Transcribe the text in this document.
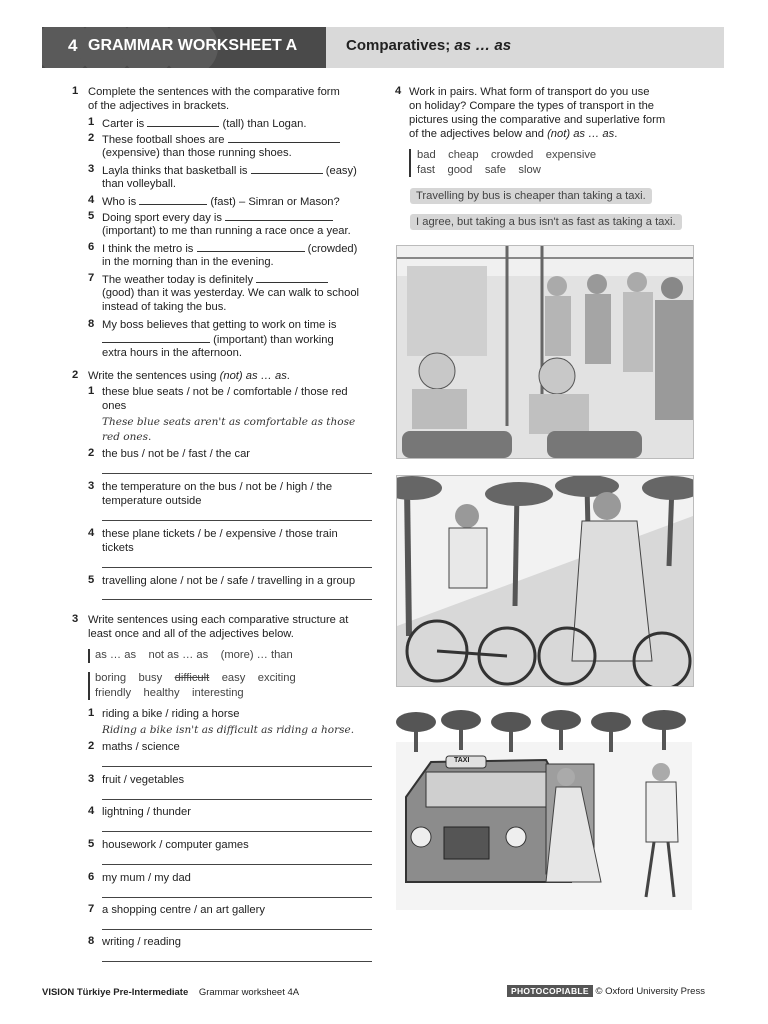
4 GRAMMAR WORKSHEET A	Comparatives; as … as
1 Complete the sentences with the comparative form
of the adjectives in brackets.
1 Carter is	(tall) than Logan.
2 These football shoes are
(expensive) than those running shoes.
3 Layla thinks that basketball is	(easy)
than volleyball.
4 Who is	(fast) – Simran or Mason?
5 Doing sport every day is
(important) to me than running a race once a year.
6 I think the metro is	(crowded)
in the morning than in the evening.
7 The weather today is definitely
(good) than it was yesterday. We can walk to school
instead of taking the bus.
8 My boss believes that getting to work on time is
(important) than working
extra hours in the afternoon.
2 Write the sentences using (not) as … as.
1 these blue seats / not be / comfortable / those red
ones
These blue seats aren't as comfortable as those
red ones.
2 the bus / not be / fast / the car
3 the temperature on the bus / not be / high / the
temperature outside
4 these plane tickets / be / expensive / those train
tickets
5 travelling alone / not be / safe / travelling in a group
3 Write sentences using each comparative structure at
least once and all of the adjectives below.
as … as not as … as (more) … than
boring busy difficult easy exciting
friendly healthy interesting
1 riding a bike / riding a horse
Riding a bike isn't as difficult as riding a horse.
2 maths / science
3 fruit / vegetables
4 lightning / thunder
5 housework / computer games
6 my mum / my dad
7 a shopping centre / an art gallery
8 writing / reading
4 Work in pairs. What form of transport do you use
on holiday? Compare the types of transport in the
pictures using the comparative and superlative form
of the adjectives below and (not) as … as.
bad cheap crowded expensive
fast good safe slow
Travelling by bus is cheaper than taking a taxi.
I agree, but taking a bus isn't as fast as taking a taxi.
TAXI
VISION Türkiye Pre-Intermediate Grammar worksheet 4A	PHOTOCOPIABLE © Oxford University Press
